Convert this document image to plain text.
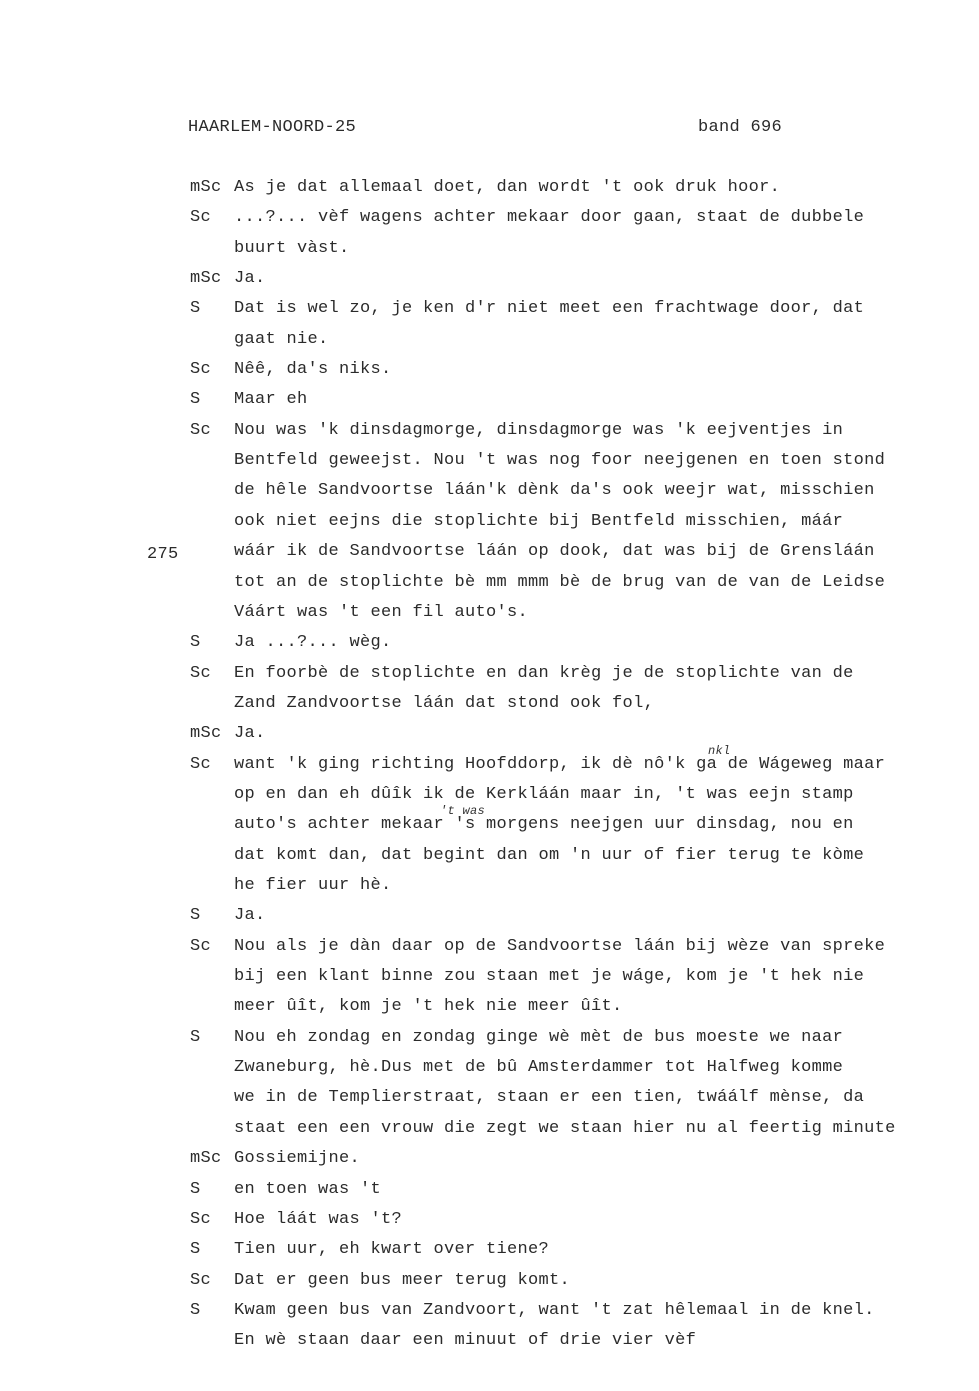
HAARLEM-NOORD-25	band 696
275
nkl
't was
mSc As je dat allemaal doet, dan wordt 't ook druk hoor.
Sc ...?... vèf wagens achter mekaar door gaan, staat de dubbele
buurt vàst.
mSc Ja.
S Dat is wel zo, je ken d'r niet meet een frachtwage door, dat
gaat nie.
Sc Nêê, da's niks.
S Maar eh
Sc Nou was 'k dinsdagmorge, dinsdagmorge was 'k eejventjes in
Bentfeld geweejst. Nou 't was nog foor neejgenen en toen stond
de hêle Sandvoortse láán'k dènk da's ook weejr wat, misschien
ook niet eejns die stoplichte bij Bentfeld misschien, máár
wáár ik de Sandvoortse láán op dook, dat was bij de Grensláán
tot an de stoplichte bè mm mmm bè de brug van de van de Leidse
Váárt was 't een fil auto's.
S Ja ...?... wèg.
Sc En foorbè de stoplichte en dan krèg je de stoplichte van de
Zand Zandvoortse láán dat stond ook fol,
mSc Ja.
Sc want 'k ging richting Hoofddorp, ik dè nô'k ga de Wágeweg maar
op en dan eh dûîk ik de Kerkláán maar in, 't was eejn stamp
auto's achter mekaar 's morgens neejgen uur dinsdag, nou en
dat komt dan, dat begint dan om 'n uur of fier terug te kòme
he fier uur hè.
S Ja.
Sc Nou als je dàn daar op de Sandvoortse láán bij wèze van spreke
bij een klant binne zou staan met je wáge, kom je 't hek nie
meer ûît, kom je 't hek nie meer ûît.
S Nou eh zondag en zondag ginge wè mèt de bus moeste we naar
Zwaneburg, hè.Dus met de bû Amsterdammer tot Halfweg komme
we in de Templierstraat, staan er een tien, twáálf mènse, da
staat een een vrouw die zegt we staan hier nu al feertig minute
mSc Gossiemijne.
S en toen was 't
Sc Hoe láát was 't?
S Tien uur, eh kwart over tiene?
Sc Dat er geen bus meer terug komt.
S Kwam geen bus van Zandvoort, want 't zat hêlemaal in de knel.
En wè staan daar een minuut of drie vier vèf
